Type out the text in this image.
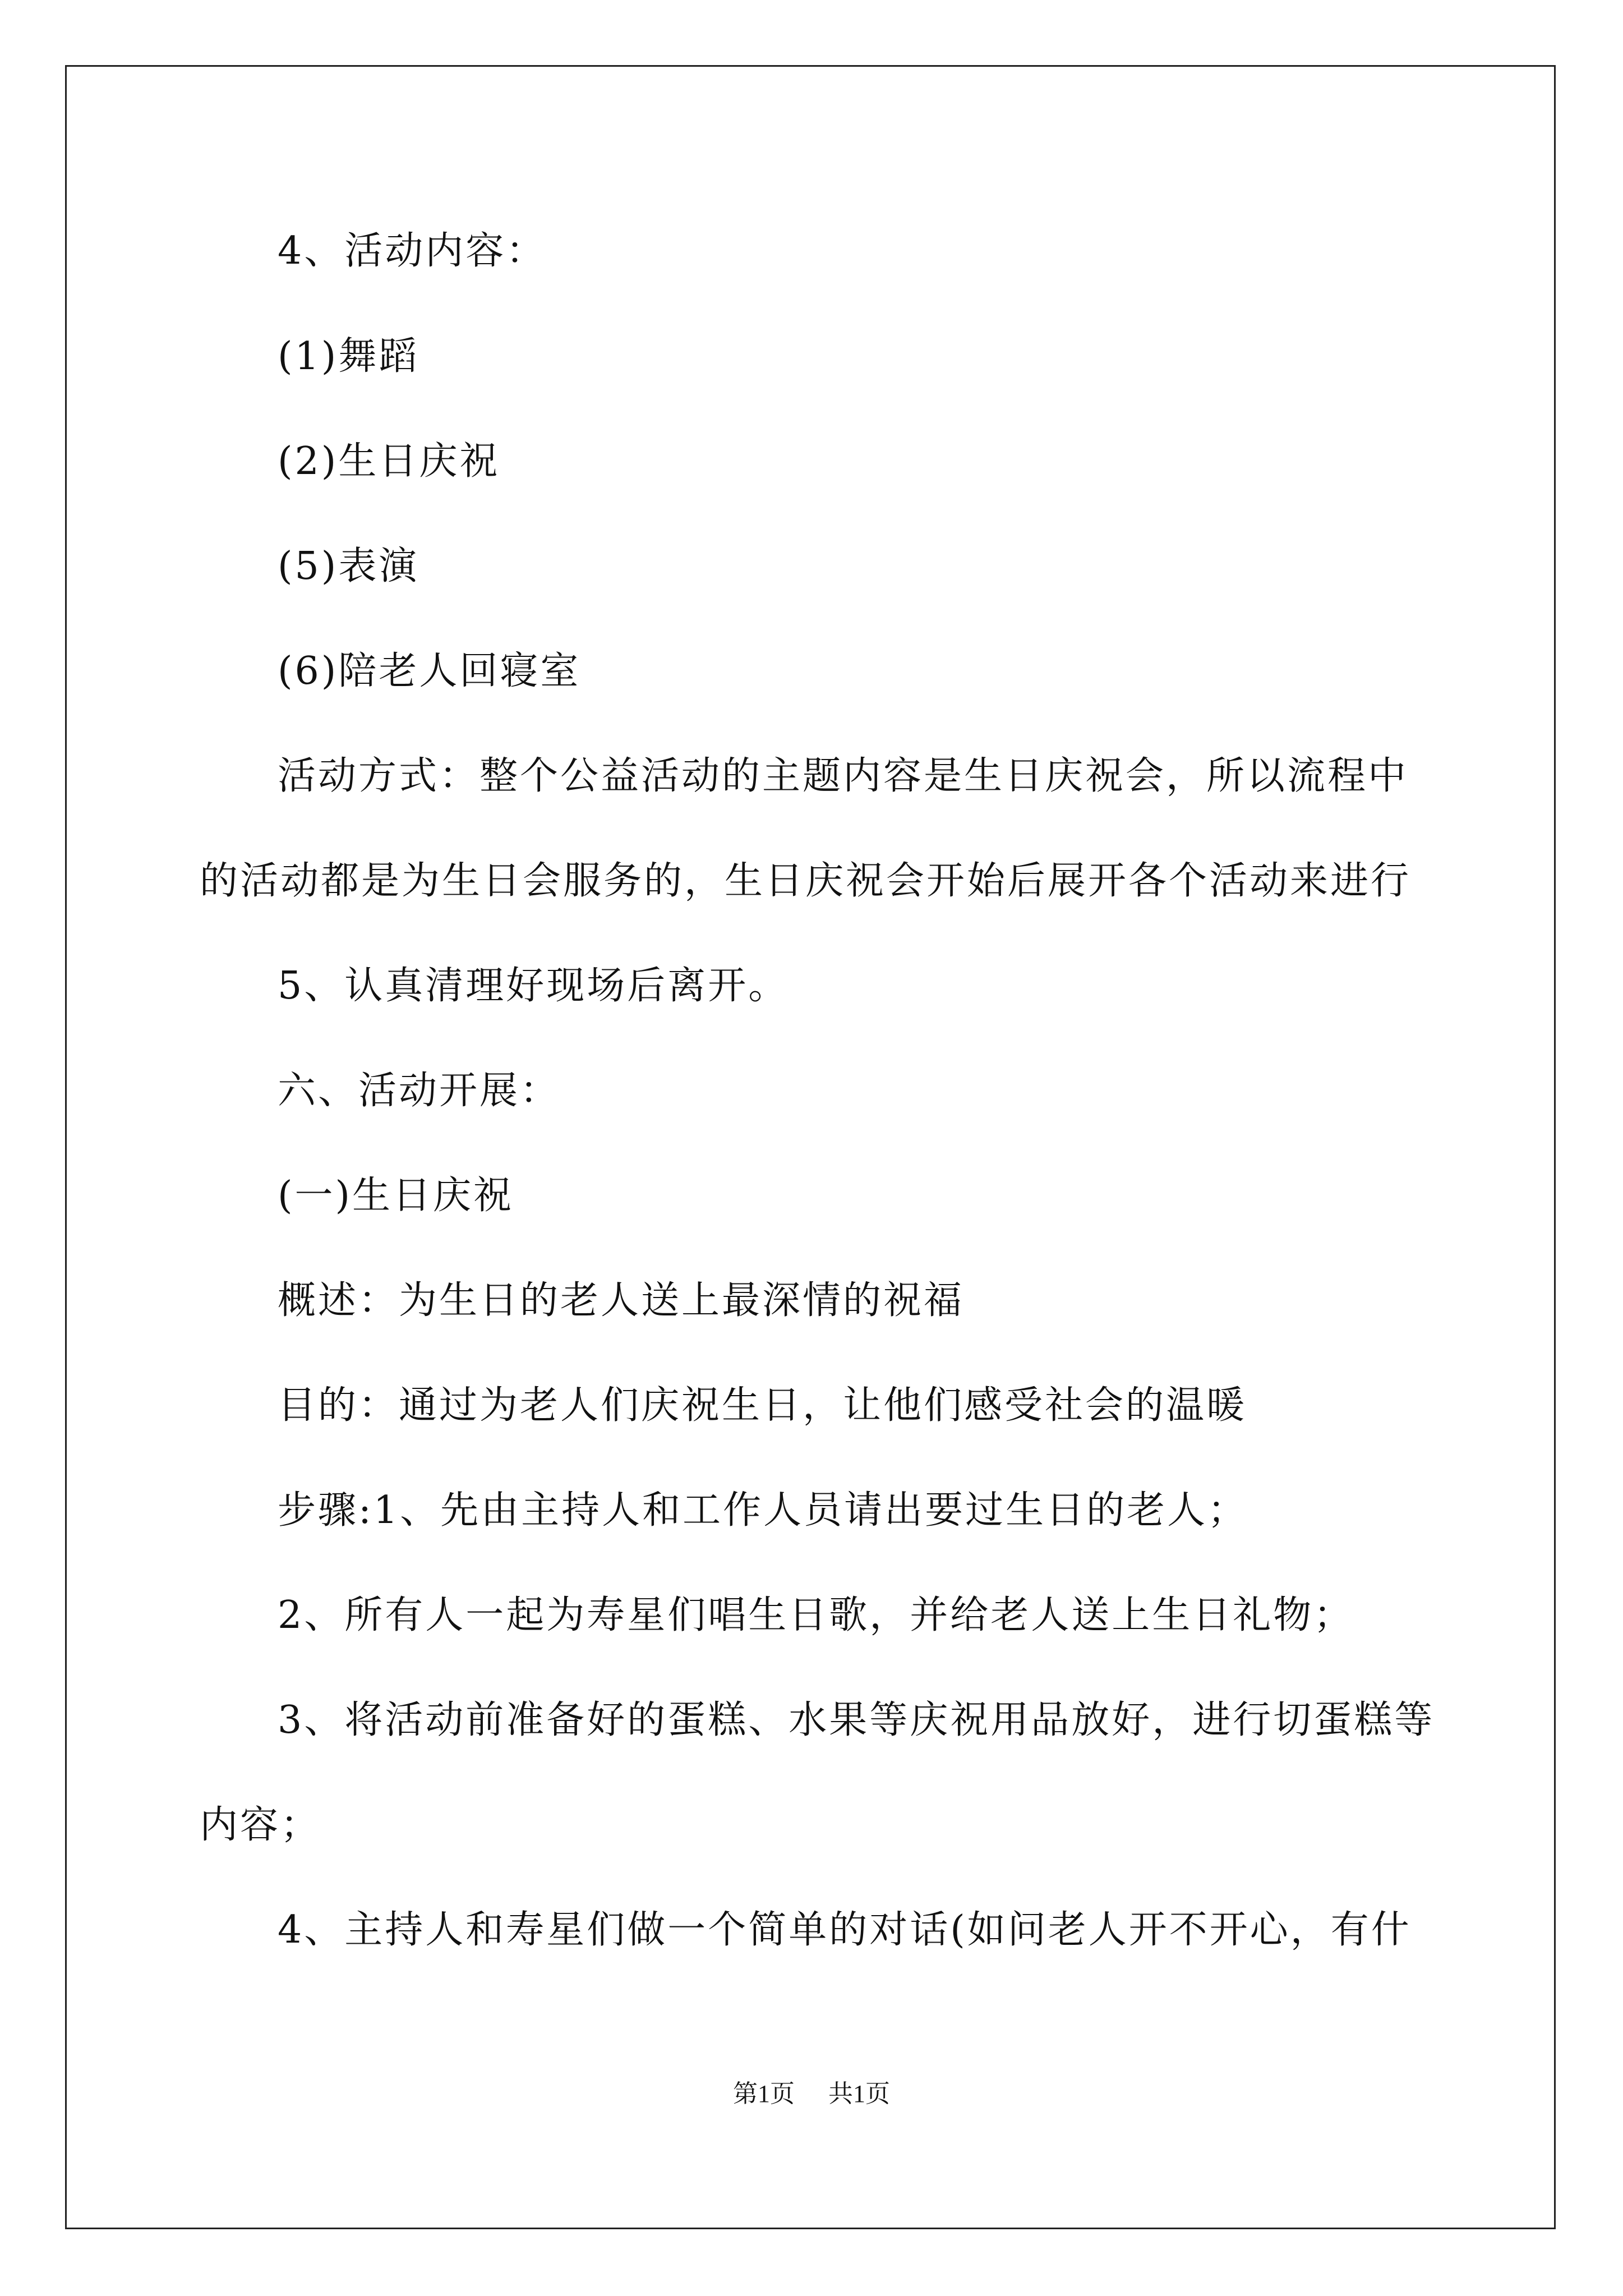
4、活动内容：
(1)舞蹈
(2)生日庆祝
(5)表演
(6)陪老人回寝室
活动方式：整个公益活动的主题内容是生日庆祝会，所以流程中
的活动都是为生日会服务的，生日庆祝会开始后展开各个活动来进行
5、认真清理好现场后离开。
六、活动开展：
(一)生日庆祝
概述：为生日的老人送上最深情的祝福
目的：通过为老人们庆祝生日，让他们感受社会的温暖
步骤:1、先由主持人和工作人员请出要过生日的老人；
2、所有人一起为寿星们唱生日歌，并给老人送上生日礼物；
3、将活动前准备好的蛋糕、水果等庆祝用品放好，进行切蛋糕等
内容；
4、主持人和寿星们做一个简单的对话(如问老人开不开心，有什
第1页 共1页
